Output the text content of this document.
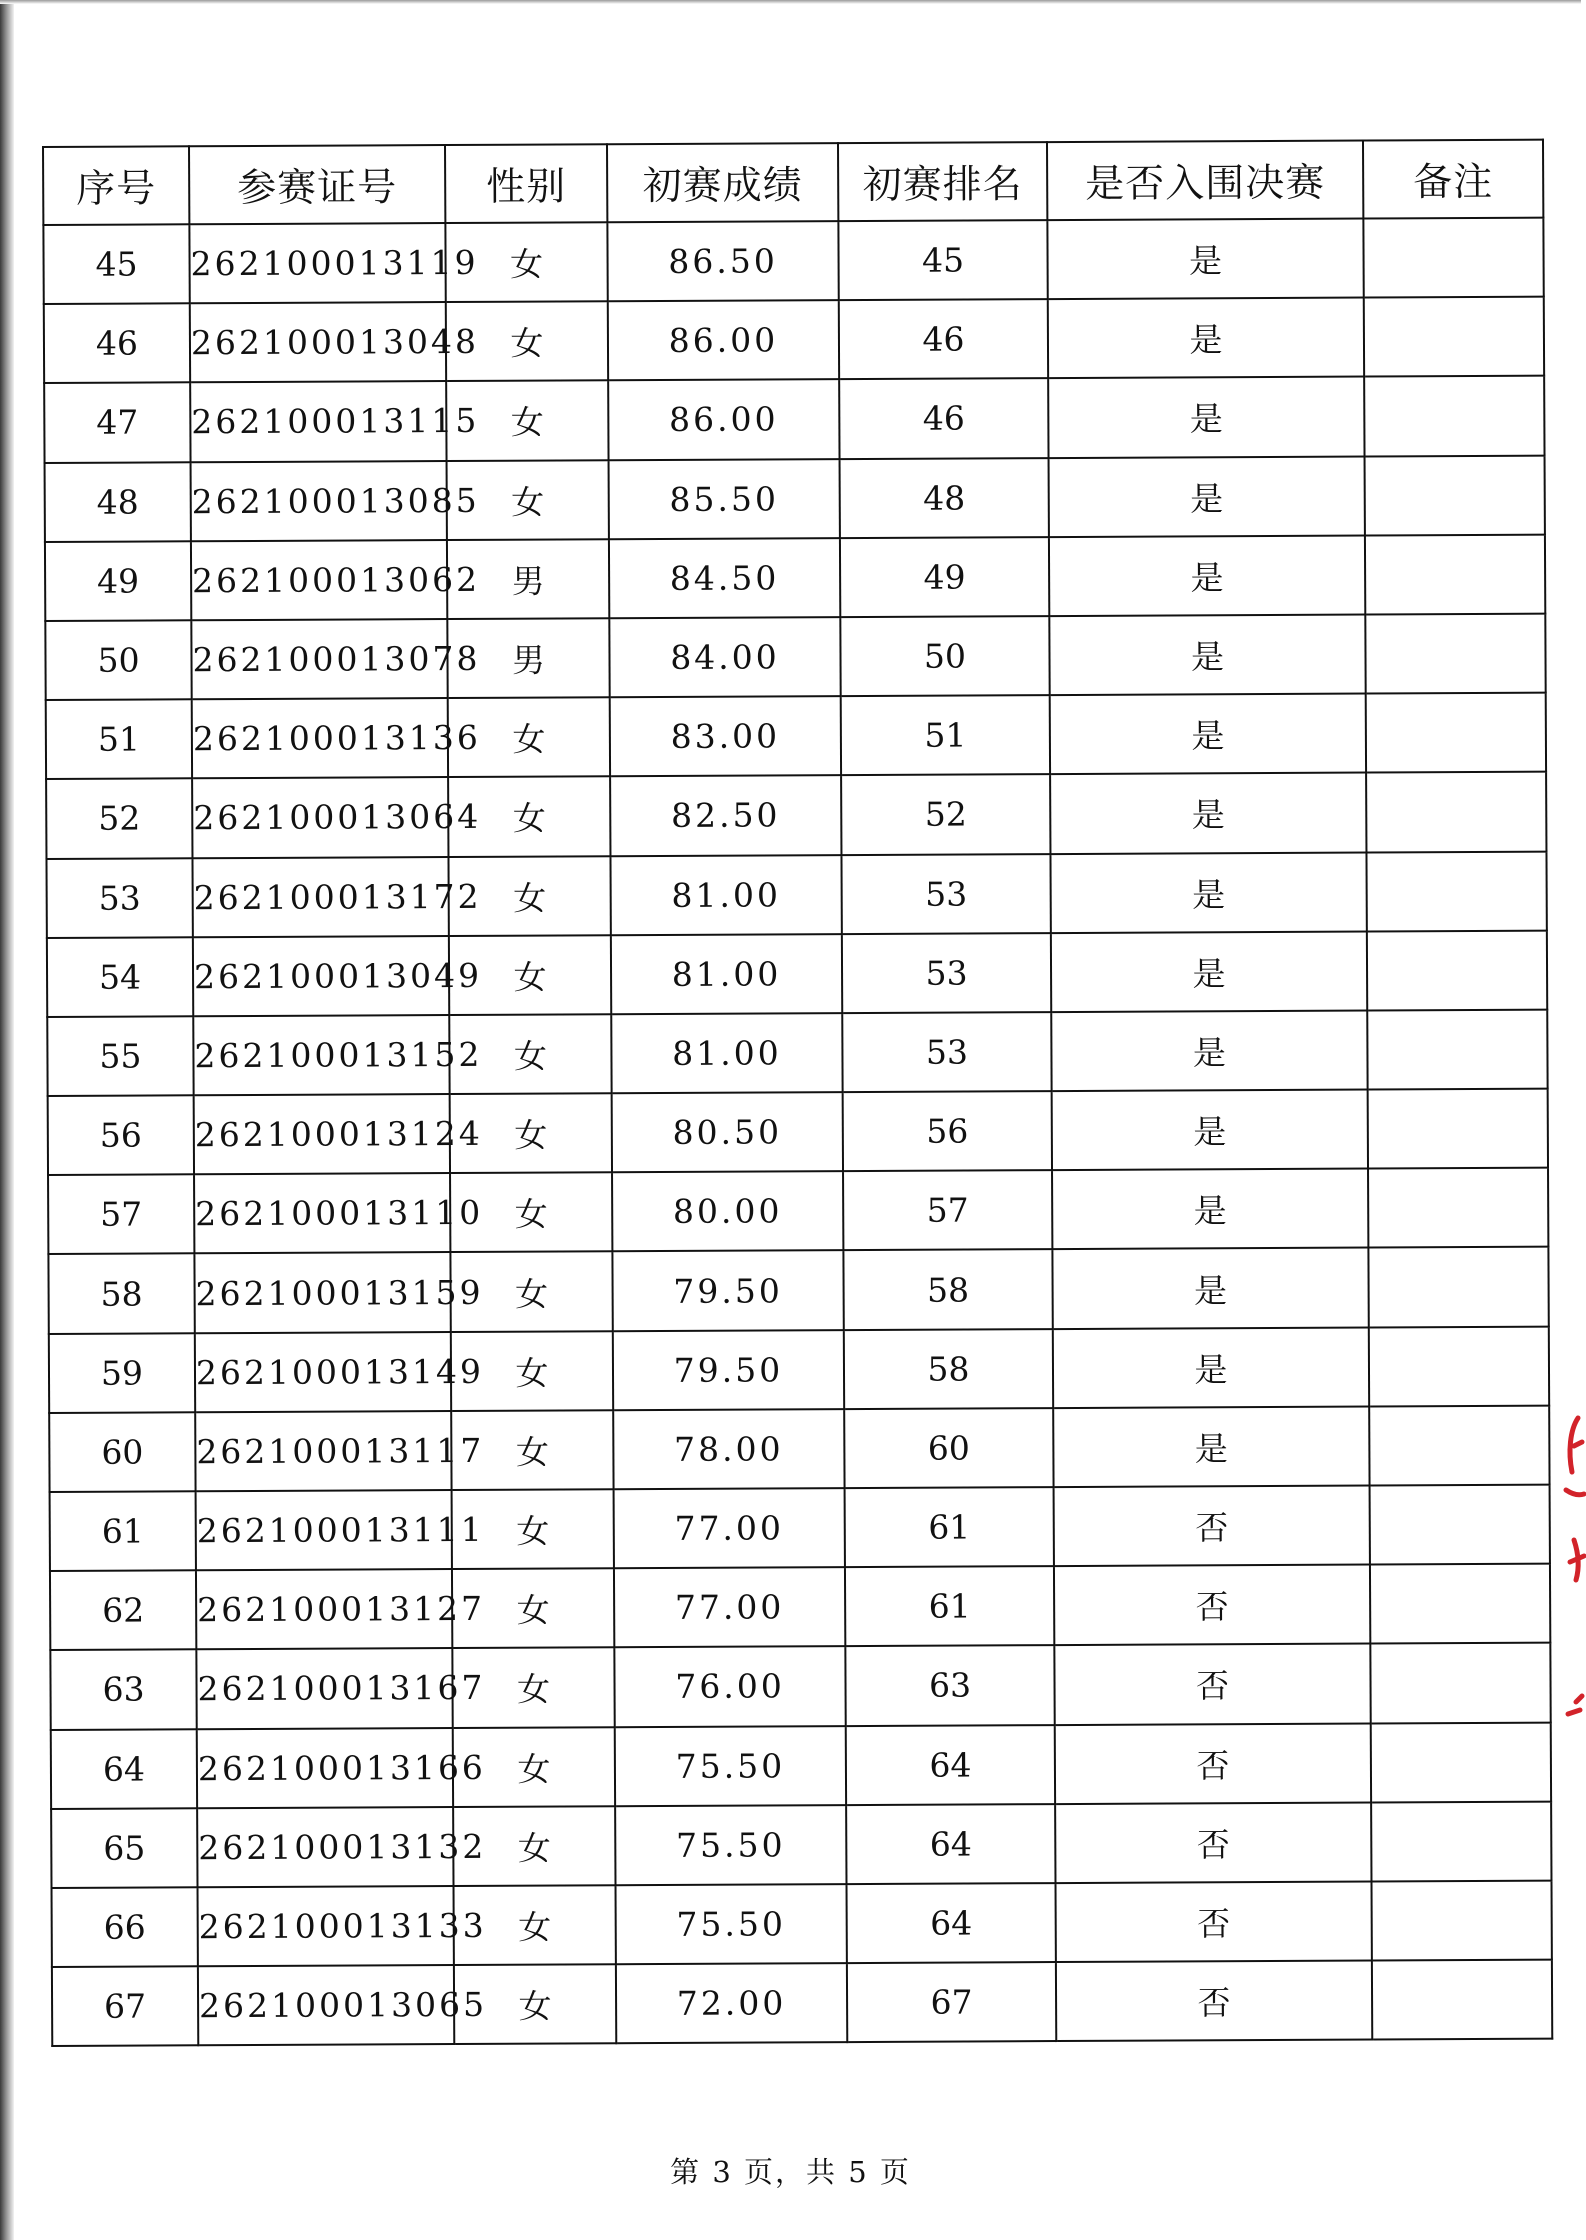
序号	参赛证号	性别	初赛成绩	初赛排名	是否入围决赛	备注
45	262100013119	女	86.50	45	是	
46	262100013048	女	86.00	46	是	
47	262100013115	女	86.00	46	是	
48	262100013085	女	85.50	48	是	
49	262100013062	男	84.50	49	是	
50	262100013078	男	84.00	50	是	
51	262100013136	女	83.00	51	是	
52	262100013064	女	82.50	52	是	
53	262100013172	女	81.00	53	是	
54	262100013049	女	81.00	53	是	
55	262100013152	女	81.00	53	是	
56	262100013124	女	80.50	56	是	
57	262100013110	女	80.00	57	是	
58	262100013159	女	79.50	58	是	
59	262100013149	女	79.50	58	是	
60	262100013117	女	78.00	60	是	
61	262100013111	女	77.00	61	否	
62	262100013127	女	77.00	61	否	
63	262100013167	女	76.00	63	否	
64	262100013166	女	75.50	64	否	
65	262100013132	女	75.50	64	否	
66	262100013133	女	75.50	64	否	
67	262100013065	女	72.00	67	否	
第 3 页，共 5 页
